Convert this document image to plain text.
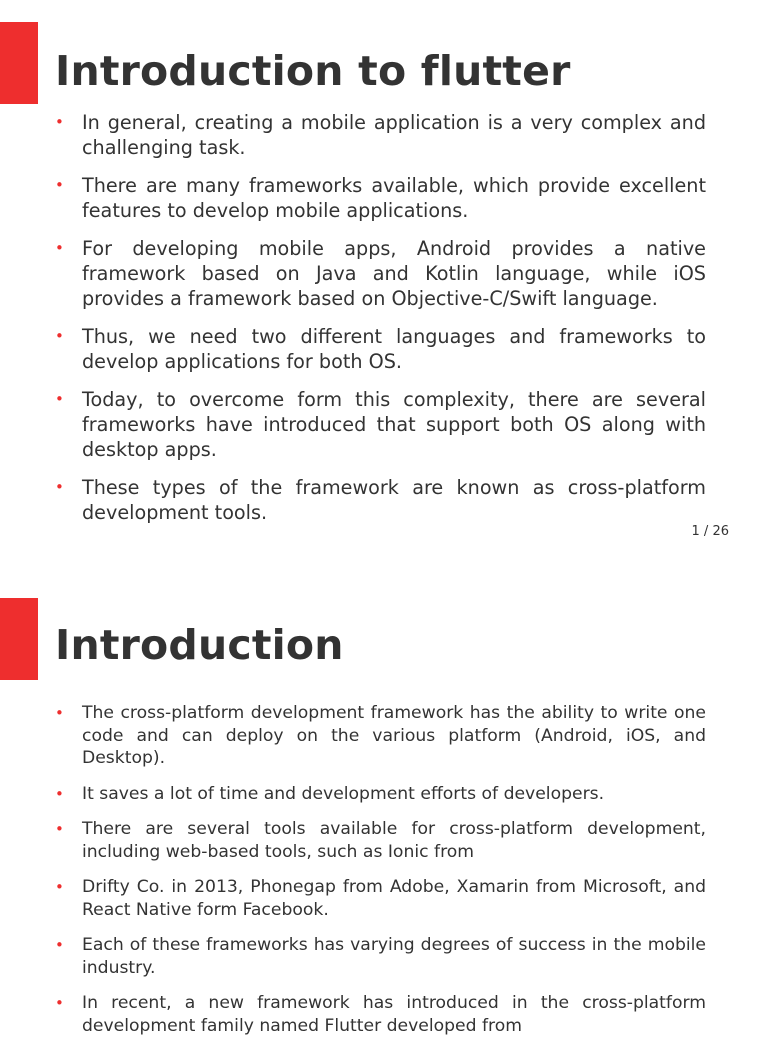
Introduction to flutter
• In general, creating a mobile application is a very complex and challenging task.
• There are many frameworks available, which provide excellent features to develop mobile applications.
• For developing mobile apps, Android provides a native framework based on Java and Kotlin language, while iOS provides a framework based on Objective-C/Swift language.
• Thus, we need two different languages and frameworks to develop applications for both OS.
• Today, to overcome form this complexity, there are several frameworks have introduced that support both OS along with desktop apps.
• These types of the framework are known as cross-platform development tools.
1 / 26
Introduction
• The cross-platform development framework has the ability to write one code and can deploy on the various platform (Android, iOS, and Desktop).
• It saves a lot of time and development efforts of developers.
• There are several tools available for cross-platform development, including web-based tools, such as Ionic from
• Drifty Co. in 2013, Phonegap from Adobe, Xamarin from Microsoft, and React Native form Facebook.
• Each of these frameworks has varying degrees of success in the mobile industry.
• In recent, a new framework has introduced in the cross-platform development family named Flutter developed from
